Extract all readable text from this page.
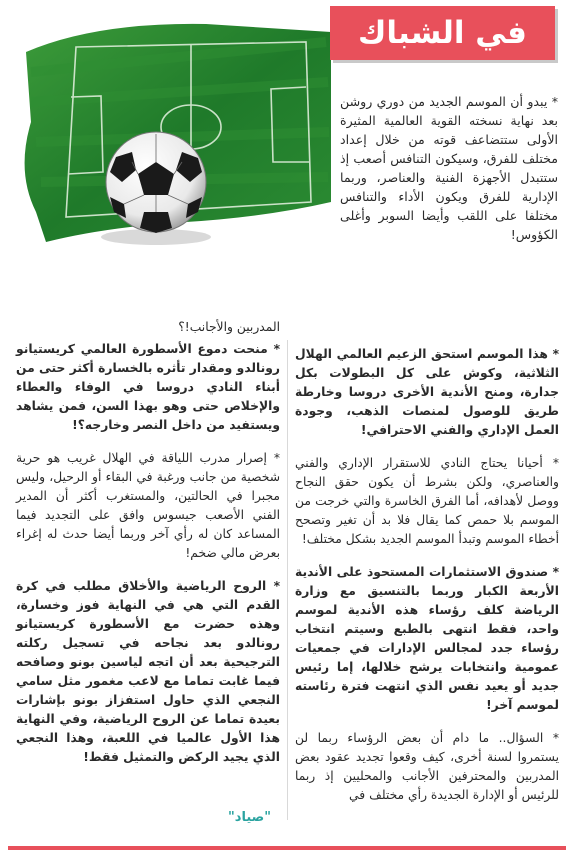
في الشباك

* يبدو أن الموسم الجديد من دوري روشن بعد نهاية نسخته القوية العالمية المثيرة الأولى ستتضاعف قوته من خلال إعداد مختلف للفرق، وسيكون التنافس أصعب إذ ستتبدل الأجهزة الفنية والعناصر، وربما الإدارية للفرق ويكون الأداء والتنافس مختلفا على اللقب وأيضا السوبر وأغلى الكؤوس!

المدربين والأجانب!؟

* هذا الموسم استحق الزعيم العالمي الهلال الثلاثية، وكوش على كل البطولات بكل جدارة، ومنح الأندية الأخرى دروسا وخارطة طريق للوصول لمنصات الذهب، وجودة العمل الإداري والفني الاحترافي!

* أحيانا يحتاج النادي للاستقرار الإداري والفني والعناصري، ولكن بشرط أن يكون حقق النجاح ووصل لأهدافه، أما الفرق الخاسرة والتي خرجت من الموسم بلا حمص كما يقال فلا بد أن تغير وتصحح أخطاء الموسم وتبدأ الموسم الجديد بشكل مختلف!

* صندوق الاستثمارات المستحوذ على الأندية الأربعة الكبار وربما بالتنسيق مع وزارة الرياضة كلف رؤساء هذه الأندية لموسم واحد، فقط انتهى بالطبع وسيتم انتخاب رؤساء جدد لمجالس الإدارات في جمعيات عمومية وانتخابات يرشح خلالها، إما رئيس جديد أو يعيد نفس الذي انتهت فترة رئاسته لموسم آخر!

* السؤال.. ما دام أن بعض الرؤساء ربما لن يستمروا لسنة أخرى، كيف وقعوا تجديد عقود بعض المدربين والمحترفين الأجانب والمحليين إذ ربما للرئيس أو الإدارة الجديدة رأي مختلف في

* منحت دموع الأسطورة العالمي كريستيانو رونالدو ومقدار تأثره بالخسارة أكثر حتى من أبناء النادي دروسا في الوفاء والعطاء والإخلاص حتى وهو بهذا السن، فمن يشاهد ويستفيد من داخل النصر وخارجه؟!

* إصرار مدرب اللياقة في الهلال غريب هو حرية شخصية من جانب ورغبة في البقاء أو الرحيل، وليس مجبرا في الحالتين، والمستغرب أكثر أن المدير الفني الأصعب جيسوس وافق على التجديد فيما المساعد كان له رأي آخر وربما أيضا حدث له إغراء بعرض مالي ضخم!

* الروح الرياضية والأخلاق مطلب في كرة القدم التي هي في النهاية فوز وخسارة، وهذه حضرت مع الأسطورة كريستيانو رونالدو بعد نجاحه في تسجيل ركلته الترجيحية بعد أن اتجه لياسين بونو وصافحه فيما غابت تماما مع لاعب مغمور مثل سامي النجعي الذي حاول استفزاز بونو بإشارات بعيدة تماما عن الروح الرياضية، وفي النهاية هذا الأول عالميا في اللعبة، وهذا النجعي الذي يجيد الركض والتمثيل فقط!

"صياد"
